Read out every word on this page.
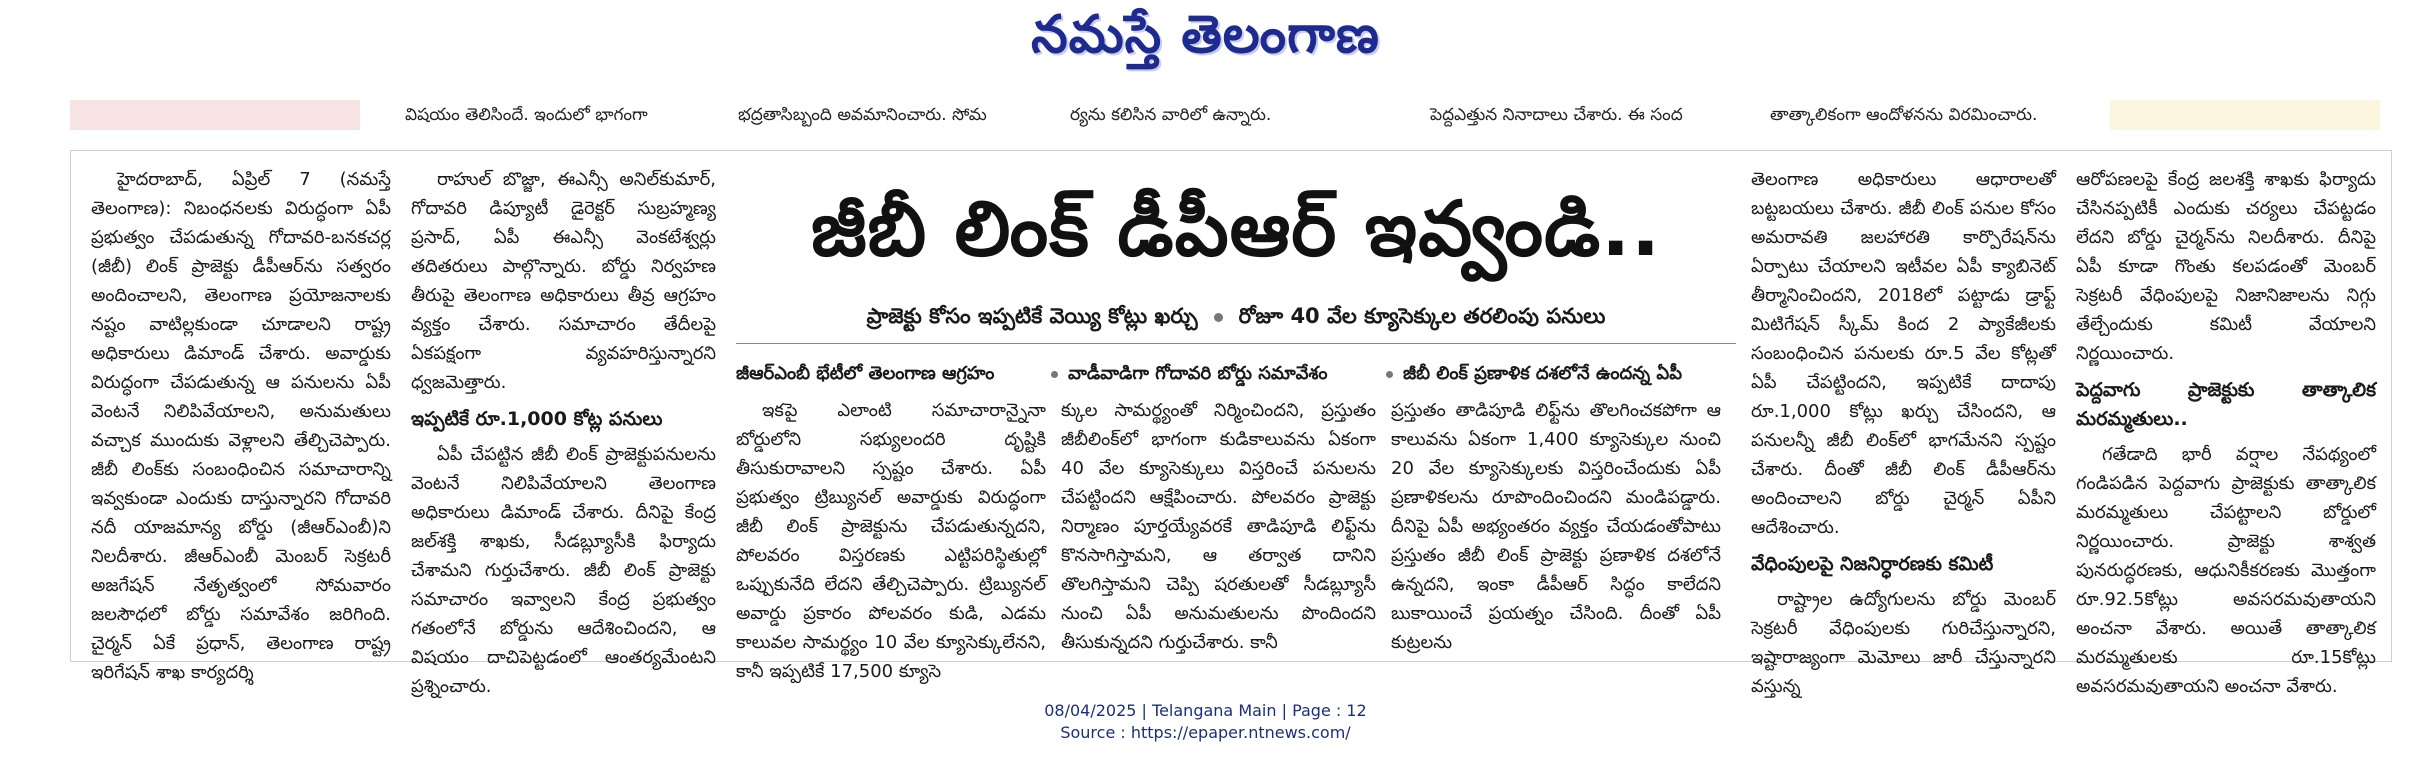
నమస్తే తెలంగాణ
విషయం తెలిసిందే. ఇందులో భాగంగా	భద్రతాసిబ్బంది అవమానించారు. సోమ	ర్యను కలిసిన వారిలో ఉన్నారు.	పెద్దఎత్తున నినాదాలు చేశారు. ఈ సంద	తాత్కాలికంగా ఆందోళనను విరమించారు.

హైదరాబాద్, ఏప్రిల్ 7 (నమస్తే తెలంగాణ): నిబంధనలకు విరుద్ధంగా ఏపీ ప్రభుత్వం చేపడుతున్న గోదావరి-బనకచర్ల (జీబీ) లింక్ ప్రాజెక్టు డీపీఆర్‌ను సత్వరం అందించాలని, తెలంగాణ ప్రయోజనాలకు నష్టం వాటిల్లకుండా చూడాలని రాష్ట్ర అధికారులు డిమాండ్ చేశారు. అవార్డుకు విరుద్ధంగా చేపడుతున్న ఆ పనులను ఏపీ వెంటనే నిలిపివేయాలని, అనుమతులు వచ్చాక ముందుకు వెళ్లాలని తేల్చిచెప్పారు. జీబీ లింక్‌కు సంబంధించిన సమాచారాన్ని ఇవ్వకుండా ఎందుకు దాస్తున్నారని గోదావరి నదీ యాజమాన్య బోర్డు (జీఆర్‌ఎంబీ)ని నిలదీశారు. జీఆర్‌ఎంబీ మెంబర్ సెక్రటరీ అజగేషన్ నేతృత్వంలో సోమవారం జలసౌధలో బోర్డు సమావేశం జరిగింది. చైర్మన్ ఏకే ప్రధాన్, తెలంగాణ రాష్ట్ర ఇరిగేషన్ శాఖ కార్యదర్శి

రాహుల్ బొజ్జా, ఈఎన్సీ అనిల్‌కుమార్, గోదావరి డిప్యూటీ డైరెక్టర్ సుబ్రహ్మణ్య ప్రసాద్, ఏపీ ఈఎన్సీ వెంకటేశ్వర్లు తదితరులు పాల్గొన్నారు. బోర్డు నిర్వహణ తీరుపై తెలంగాణ అధికారులు తీవ్ర ఆగ్రహం వ్యక్తం చేశారు. సమాచారం తేదీలపై ఏకపక్షంగా వ్యవహరిస్తున్నారని ధ్వజమెత్తారు.

ఇప్పటికే రూ.1,000 కోట్ల పనులు

ఏపీ చేపట్టిన జీబీ లింక్ ప్రాజెక్టుపనులను వెంటనే నిలిపివేయాలని తెలంగాణ అధికారులు డిమాండ్ చేశారు. దీనిపై కేంద్ర జల్‌శక్తి శాఖకు, సీడబ్ల్యూసీకి ఫిర్యాదు చేశామని గుర్తుచేశారు. జీబీ లింక్ ప్రాజెక్టు సమాచారం ఇవ్వాలని కేంద్ర ప్రభుత్వం గతంలోనే బోర్డును ఆదేశించిందని, ఆ విషయం దాచిపెట్టడంలో ఆంతర్యమేంటని ప్రశ్నించారు.

జీబీ లింక్ డీపీఆర్ ఇవ్వండి..
ప్రాజెక్టు కోసం ఇప్పటికే వెయ్యి కోట్లు ఖర్చు రోజూ 40 వేల క్యూసెక్కుల తరలింపు పనులు
జీఆర్‌ఎంబీ భేటీలో తెలంగాణ ఆగ్రహం	వాడీవాడిగా గోదావరి బోర్డు సమావేశం	జీబీ లింక్ ప్రణాళిక దశలోనే ఉందన్న ఏపీ

ఇకపై ఎలాంటి సమాచారాన్నైనా బోర్డులోని సభ్యులందరి దృష్టికి తీసుకురావాలని స్పష్టం చేశారు. ఏపీ ప్రభుత్వం ట్రిబ్యునల్ అవార్డుకు విరుద్ధంగా జీబీ లింక్ ప్రాజెక్టును చేపడుతున్నదని, పోలవరం విస్తరణకు ఎట్టిపరిస్థితుల్లో ఒప్పుకునేది లేదని తేల్చిచెప్పారు. ట్రిబ్యునల్ అవార్డు ప్రకారం పోలవరం కుడి, ఎడమ కాలువల సామర్థ్యం 10 వేల క్యూసెక్కులేనని, కానీ ఇప్పటికే 17,500 క్యూసె

క్కుల సామర్థ్యంతో నిర్మించిందని, ప్రస్తుతం జీబీలింక్‌లో భాగంగా కుడికాలువను ఏకంగా 40 వేల క్యూసెక్కులు విస్తరించే పనులను చేపట్టిందని ఆక్షేపించారు. పోలవరం ప్రాజెక్టు నిర్మాణం పూర్తయ్యేవరకే తాడిపూడి లిఫ్ట్‌ను కొనసాగిస్తామని, ఆ తర్వాత దానిని తొలగిస్తామని చెప్పి షరతులతో సీడబ్ల్యూసీ నుంచి ఏపీ అనుమతులను పొందిందని తీసుకున్నదని గుర్తుచేశారు. కానీ

ప్రస్తుతం తాడిపూడి లిఫ్ట్‌ను తొలగించకపోగా ఆ కాలువను ఏకంగా 1,400 క్యూసెక్కుల నుంచి 20 వేల క్యూసెక్కులకు విస్తరించేందుకు ఏపీ ప్రణాళికలను రూపొందించిందని మండిపడ్డారు. దీనిపై ఏపీ అభ్యంతరం వ్యక్తం చేయడంతోపాటు ప్రస్తుతం జీబీ లింక్ ప్రాజెక్టు ప్రణాళిక దశలోనే ఉన్నదని, ఇంకా డీపీఆర్ సిద్ధం కాలేదని బుకాయించే ప్రయత్నం చేసింది. దీంతో ఏపీ కుట్రలను

తెలంగాణ అధికారులు ఆధారాలతో బట్టబయలు చేశారు. జీబీ లింక్ పనుల కోసం అమరావతి జలహారతి కార్పొరేషన్‌ను ఏర్పాటు చేయాలని ఇటీవల ఏపీ క్యాబినెట్ తీర్మానించిందని, 2018లో పట్టాడు డ్రాఫ్ట్ మిటిగేషన్ స్కీమ్ కింద 2 ప్యాకేజీలకు సంబంధించిన పనులకు రూ.5 వేల కోట్లతో ఏపీ చేపట్టిందని, ఇప్పటికే దాదాపు రూ.1,000 కోట్లు ఖర్చు చేసిందని, ఆ పనులన్నీ జీబీ లింక్‌లో భాగమేనని స్పష్టం చేశారు. దీంతో జీబీ లింక్ డీపీఆర్‌ను అందించాలని బోర్డు చైర్మన్ ఏపీని ఆదేశించారు.

వేధింపులపై నిజనిర్ధారణకు కమిటీ

రాష్ట్రాల ఉద్యోగులను బోర్డు మెంబర్ సెక్రటరీ వేధింపులకు గురిచేస్తున్నారని, ఇష్టారాజ్యంగా మెమోలు జారీ చేస్తున్నారని వస్తున్న

ఆరోపణలపై కేంద్ర జలశక్తి శాఖకు ఫిర్యాదు చేసినప్పటికీ ఎందుకు చర్యలు చేపట్టడం లేదని బోర్డు చైర్మన్‌ను నిలదీశారు. దీనిపై ఏపీ కూడా గొంతు కలపడంతో మెంబర్ సెక్రటరీ వేధింపులపై నిజానిజాలను నిగ్గు తేల్చేందుకు కమిటీ వేయాలని నిర్ణయించారు.

పెద్దవాగు ప్రాజెక్టుకు తాత్కాలిక మరమ్మతులు..

గతేడాది భారీ వర్షాల నేపథ్యంలో గండిపడిన పెద్దవాగు ప్రాజెక్టుకు తాత్కాలిక మరమ్మతులు చేపట్టాలని బోర్డులో నిర్ణయించారు. ప్రాజెక్టు శాశ్వత పునరుద్ధరణకు, ఆధునికీకరణకు మొత్తంగా రూ.92.5కోట్లు అవసరమవుతాయని అంచనా వేశారు. అయితే తాత్కాలిక మరమ్మతులకు రూ.15కోట్లు అవసరమవుతాయని అంచనా వేశారు.

08/04/2025 | Telangana Main | Page : 12
Source : https://epaper.ntnews.com/
